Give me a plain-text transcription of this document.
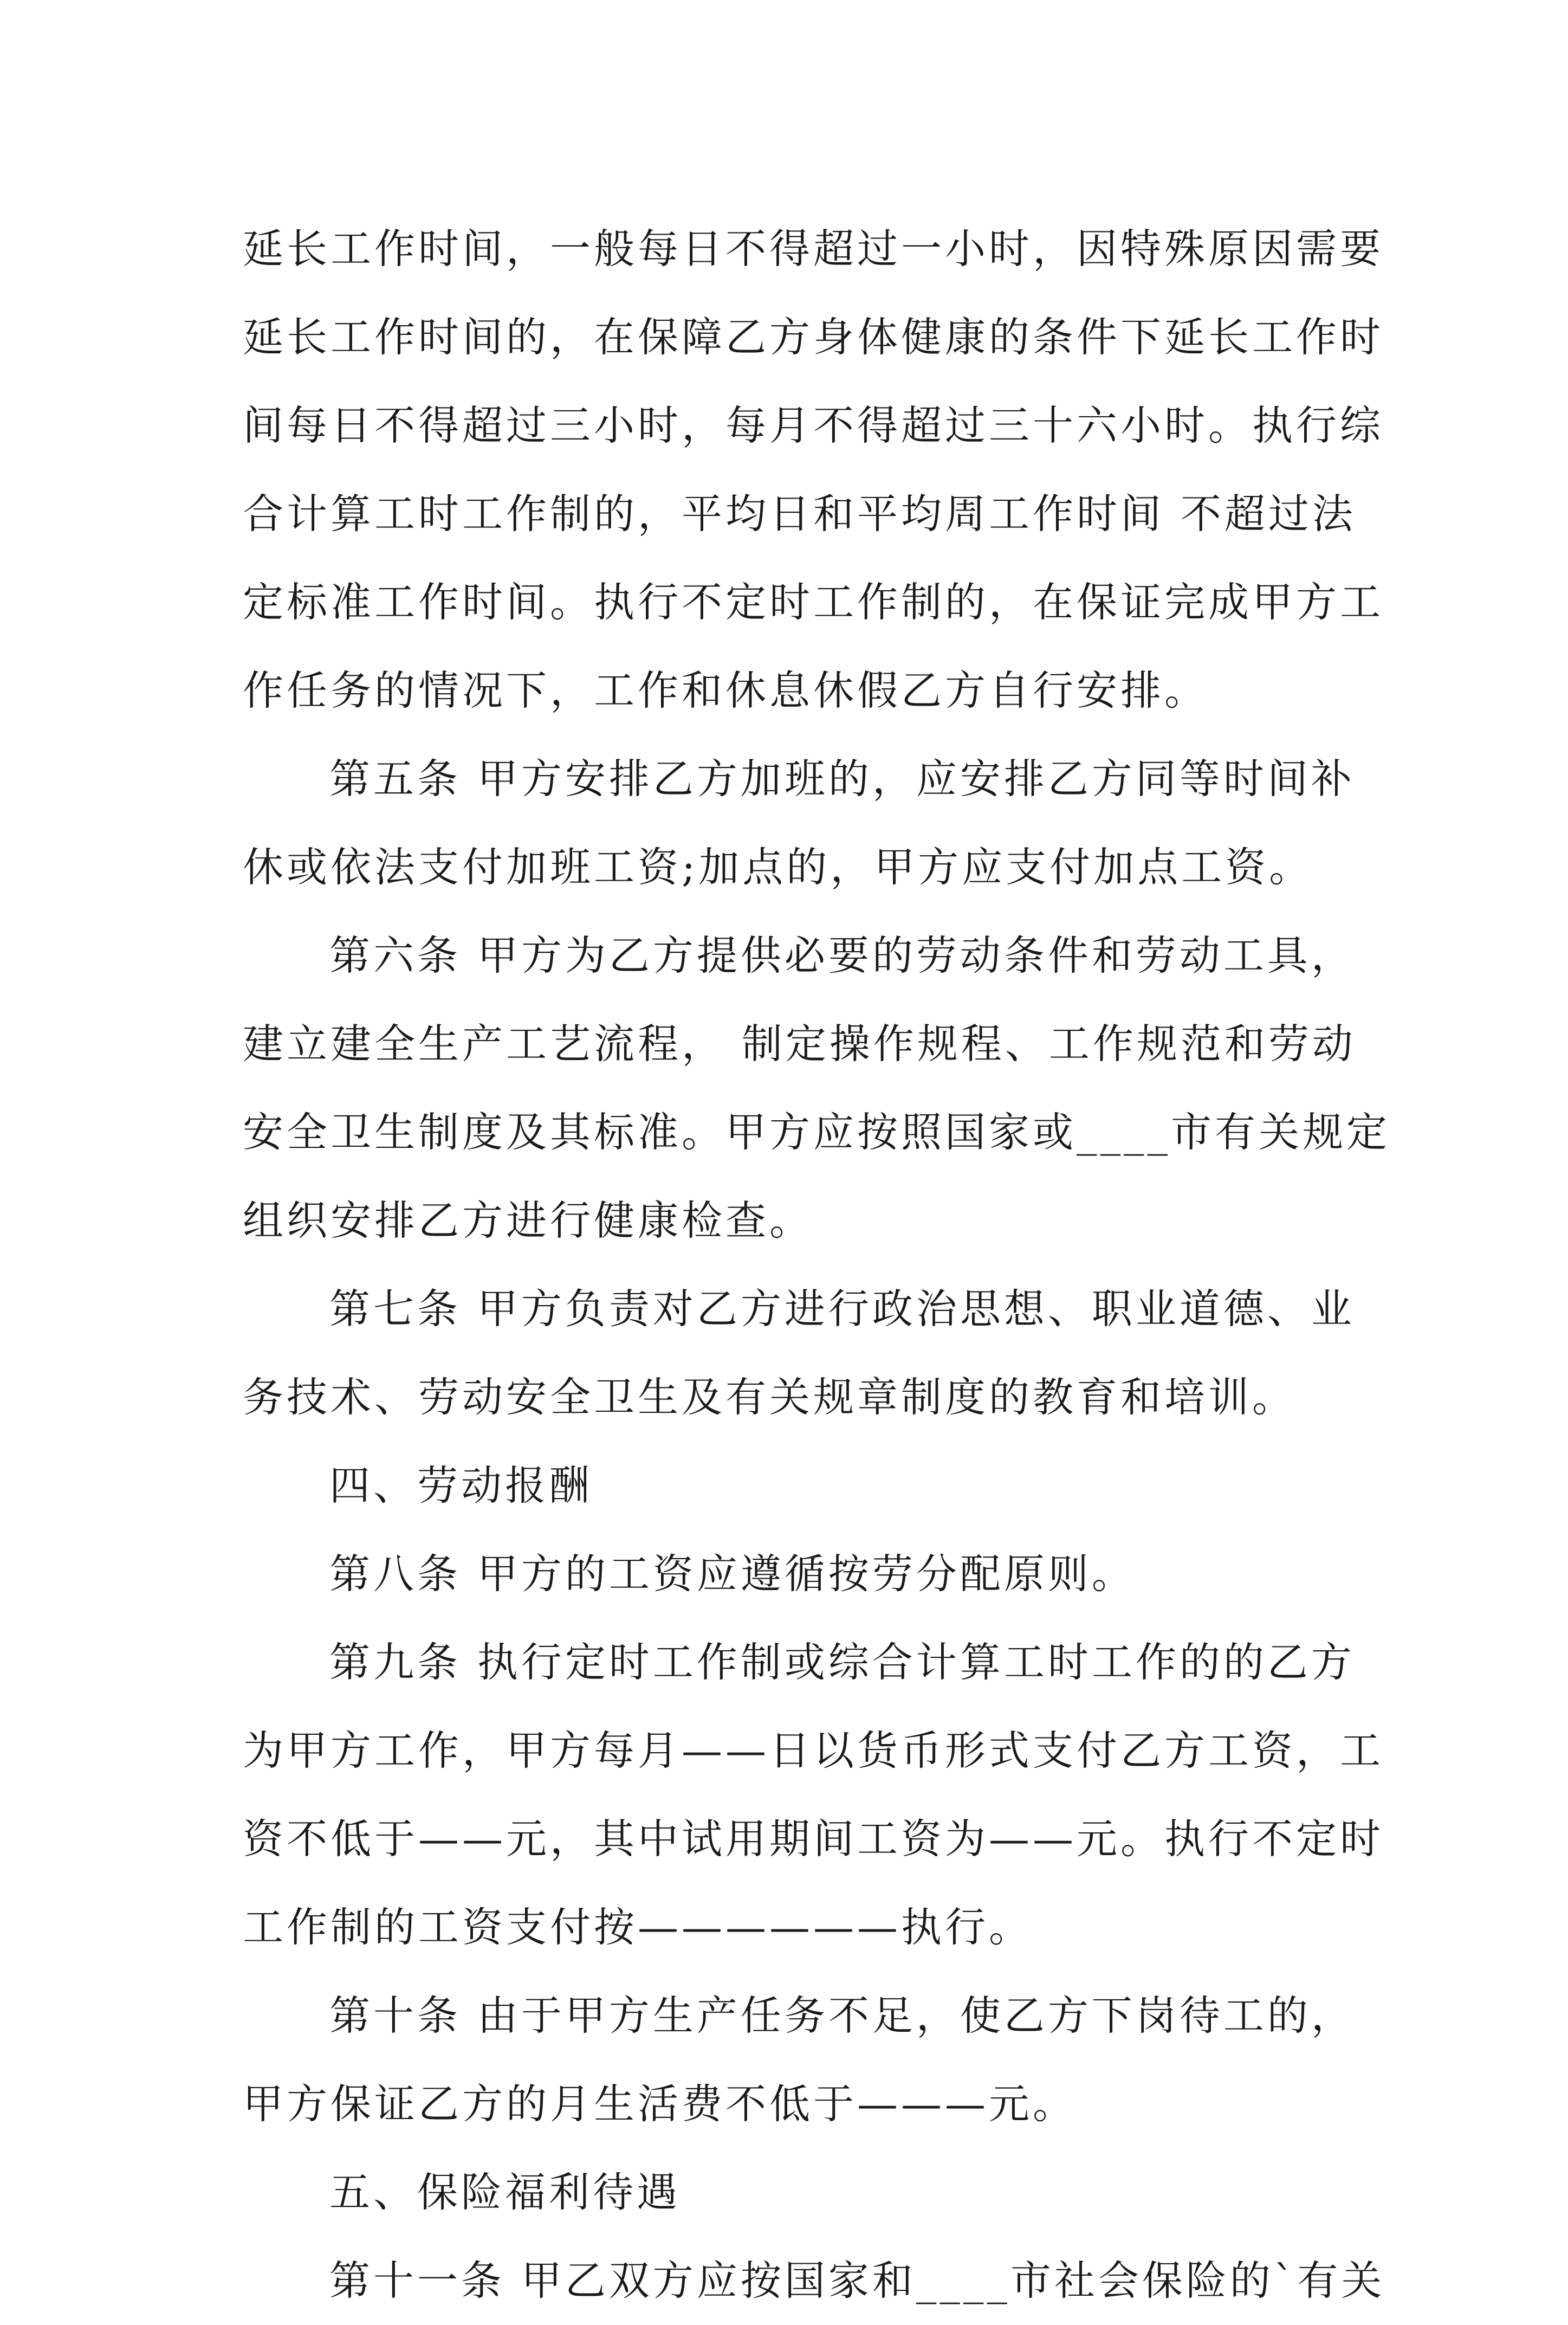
延长工作时间，一般每日不得超过一小时，因特殊原因需要
延长工作时间的，在保障乙方身体健康的条件下延长工作时
间每日不得超过三小时，每月不得超过三十六小时。执行综
合计算工时工作制的，平均日和平均周工作时间 不超过法
定标准工作时间。执行不定时工作制的，在保证完成甲方工
作任务的情况下，工作和休息休假乙方自行安排。
第五条 甲方安排乙方加班的，应安排乙方同等时间补
休或依法支付加班工资;加点的，甲方应支付加点工资。
第六条 甲方为乙方提供必要的劳动条件和劳动工具，
建立建全生产工艺流程， 制定操作规程、工作规范和劳动
安全卫生制度及其标准。甲方应按照国家或____市有关规定
组织安排乙方进行健康检查。
第七条 甲方负责对乙方进行政治思想、职业道德、业
务技术、劳动安全卫生及有关规章制度的教育和培训。
四、劳动报酬
第八条 甲方的工资应遵循按劳分配原则。
第九条 执行定时工作制或综合计算工时工作的的乙方
为甲方工作，甲方每月——日以货币形式支付乙方工资，工
资不低于——元，其中试用期间工资为——元。执行不定时
工作制的工资支付按——————执行。
第十条 由于甲方生产任务不足，使乙方下岗待工的，
甲方保证乙方的月生活费不低于———元。
五、保险福利待遇
第十一条 甲乙双方应按国家和____市社会保险的`有关
